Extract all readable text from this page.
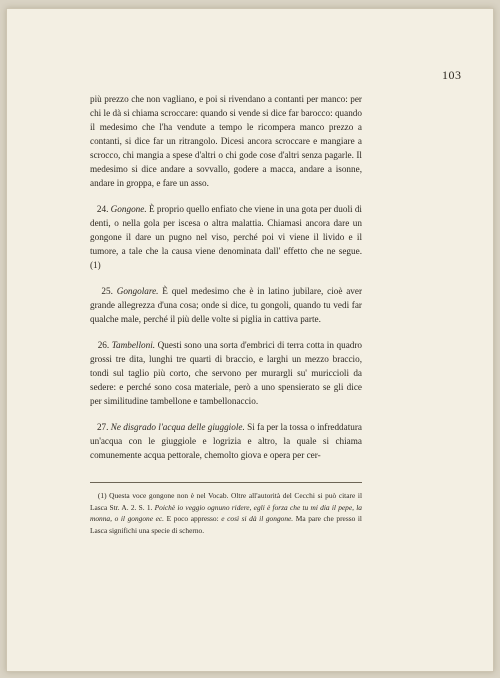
103

più prezzo che non vagliano, e poi si rivendano a contanti per manco: per chi le dà si chiama scroccare: quando si vende si dice far barocco: quando il medesimo che l'ha vendute a tempo le ricompera manco prezzo a contanti, si dice far un ritrangolo. Dicesi ancora scroccare e mangiare a scrocco, chi mangia a spese d'altri o chi gode cose d'altri senza pagarle. Il medesimo si dice andare a sovvallo, godere a macca, andare a isonne, andare in groppa, e fare un asso.

24. Gongone. È proprio quello enfiato che viene in una gota per duoli di denti, o nella gola per iscesa o altra malattia. Chiamasi ancora dare un gongone il dare un pugno nel viso, perché poi vi viene il livido e il tumore, a tale che la causa viene denominata dall' effetto che ne segue. (1)

25. Gongolare. È quel medesimo che è in latino jubilare, cioè aver grande allegrezza d'una cosa; onde si dice, tu gongoli, quando tu vedi far qualche male, perché il più delle volte si piglia in cattiva parte.

26. Tambelloni. Questi sono una sorta d'embrici di terra cotta in quadro grossi tre dita, lunghi tre quarti di braccio, e larghi un mezzo braccio, tondi sul taglio più corto, che servono per murargli su' muriccioli da sedere: e perché sono cosa materiale, però a uno spensierato se gli dice per similitudine tambellone e tambellonaccio.

27. Ne disgrado l'acqua delle giuggiole. Si fa per la tossa o infreddatura un'acqua con le giuggiole e logrizia e altro, la quale si chiama comunemente acqua pettorale, chemolto giova e opera per cer-

(1) Questa voce gongone non è nel Vocab. Oltre all'autorità del Cecchi si può citare il Lasca Str. A. 2. S. 1. Poichè io veggio ognuno ridere, egli è forza che tu mi dia il pepe, la monna, o il gongone ec. E poco appresso: e così si dà il gongone. Ma pare che presso il Lasca significhi una specie di scherno.
